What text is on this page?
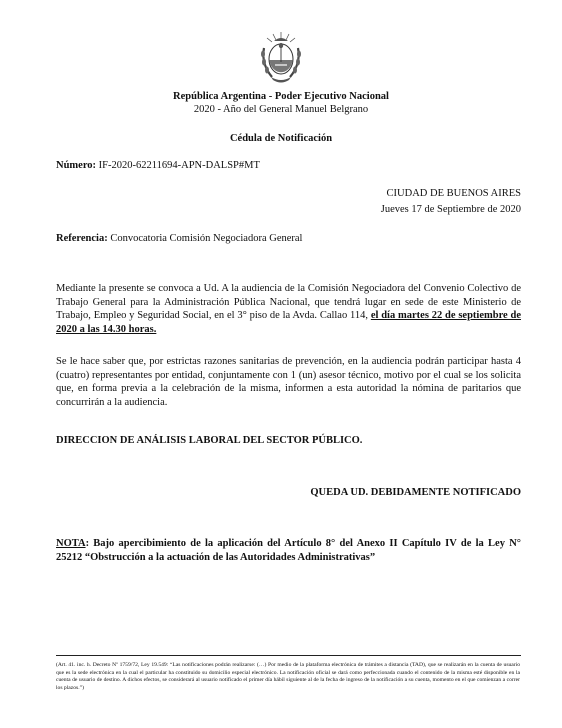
República Argentina - Poder Ejecutivo Nacional
2020 - Año del General Manuel Belgrano
Cédula de Notificación
Número: IF-2020-62211694-APN-DALSP#MT
CIUDAD DE BUENOS AIRES
Jueves 17 de Septiembre de 2020
Referencia: Convocatoria Comisión Negociadora General
Mediante la presente se convoca a Ud. A la audiencia de la Comisión Negociadora del Convenio Colectivo de Trabajo General para la Administración Pública Nacional, que tendrá lugar en sede de este Ministerio de Trabajo, Empleo y Seguridad Social, en el 3° piso de la Avda. Callao 114, el día martes 22 de septiembre de 2020 a las 14.30 horas.
Se le hace saber que, por estrictas razones sanitarias de prevención, en la audiencia podrán participar hasta 4 (cuatro) representantes por entidad, conjuntamente con 1 (un) asesor técnico, motivo por el cual se los solicita que, en forma previa a la celebración de la misma, informen a esta autoridad la nómina de paritarios que concurrirán a la audiencia.
DIRECCION DE ANÁLISIS LABORAL DEL SECTOR PÚBLICO.
QUEDA UD. DEBIDAMENTE NOTIFICADO
NOTA: Bajo apercibimiento de la aplicación del Artículo 8° del Anexo II Capítulo IV de la Ley N° 25212 “Obstrucción a la actuación de las Autoridades Administrativas”
(Art. 41. inc. h. Decreto Nº 1759/72, Ley 19.549: “Las notificaciones podrán realizarse: (…) Por medio de la plataforma electrónica de trámites a distancia (TAD), que se realizarán en la cuenta de usuario que es la sede electrónica en la cual el particular ha constituido su domicilio especial electrónico. La notificación oficial se dará como perfeccionada cuando el contenido de la misma esté disponible en la cuenta de usuario de destino. A dichos efectos, se considerará al usuario notificado el primer día hábil siguiente al de la fecha de ingreso de la notificación a su cuenta, momento en el que comienzan a correr los plazos.”)
